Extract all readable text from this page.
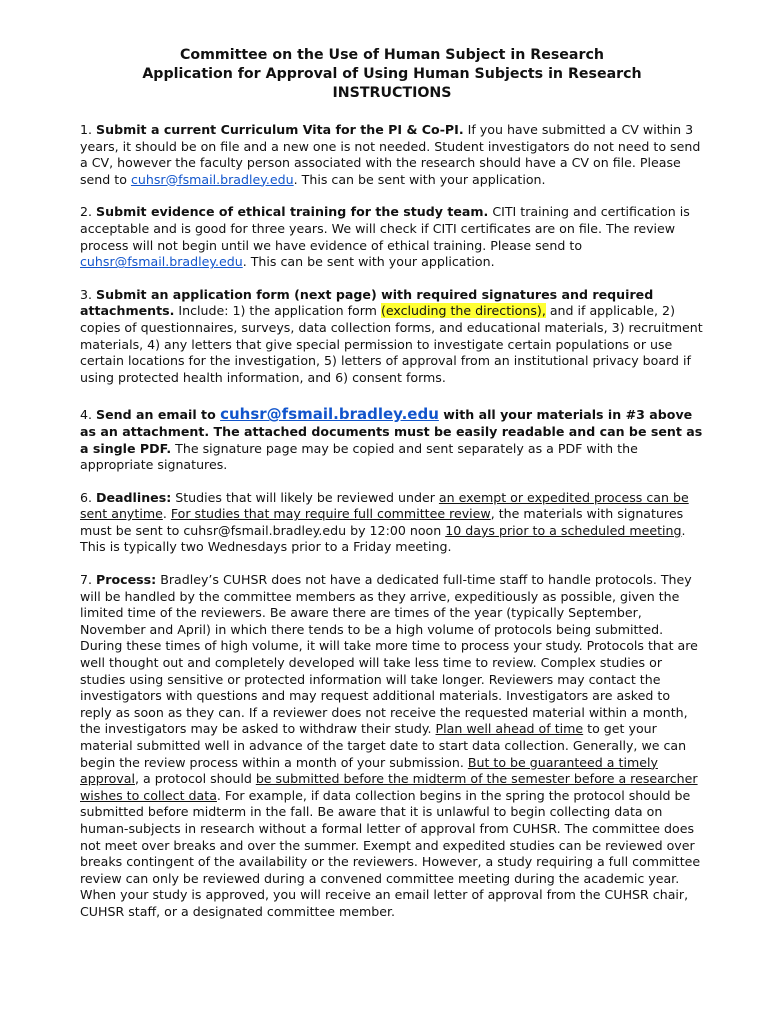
Committee on the Use of Human Subject in Research
Application for Approval of Using Human Subjects in Research
INSTRUCTIONS
1. Submit a current Curriculum Vita for the PI & Co-PI. If you have submitted a CV within 3 years, it should be on file and a new one is not needed. Student investigators do not need to send a CV, however the faculty person associated with the research should have a CV on file. Please send to cuhsr@fsmail.bradley.edu. This can be sent with your application.
2. Submit evidence of ethical training for the study team. CITI training and certification is acceptable and is good for three years. We will check if CITI certificates are on file. The review process will not begin until we have evidence of ethical training. Please send to cuhsr@fsmail.bradley.edu. This can be sent with your application.
3. Submit an application form (next page) with required signatures and required attachments. Include: 1) the application form (excluding the directions), and if applicable, 2) copies of questionnaires, surveys, data collection forms, and educational materials, 3) recruitment materials, 4) any letters that give special permission to investigate certain populations or use certain locations for the investigation, 5) letters of approval from an institutional privacy board if using protected health information, and 6) consent forms.
4. Send an email to cuhsr@fsmail.bradley.edu with all your materials in #3 above as an attachment. The attached documents must be easily readable and can be sent as a single PDF. The signature page may be copied and sent separately as a PDF with the appropriate signatures.
6. Deadlines: Studies that will likely be reviewed under an exempt or expedited process can be sent anytime. For studies that may require full committee review, the materials with signatures must be sent to cuhsr@fsmail.bradley.edu by 12:00 noon 10 days prior to a scheduled meeting. This is typically two Wednesdays prior to a Friday meeting.
7. Process: Bradley’s CUHSR does not have a dedicated full-time staff to handle protocols. They will be handled by the committee members as they arrive, expeditiously as possible, given the limited time of the reviewers. Be aware there are times of the year (typically September, November and April) in which there tends to be a high volume of protocols being submitted. During these times of high volume, it will take more time to process your study. Protocols that are well thought out and completely developed will take less time to review. Complex studies or studies using sensitive or protected information will take longer. Reviewers may contact the investigators with questions and may request additional materials. Investigators are asked to reply as soon as they can. If a reviewer does not receive the requested material within a month, the investigators may be asked to withdraw their study. Plan well ahead of time to get your material submitted well in advance of the target date to start data collection. Generally, we can begin the review process within a month of your submission. But to be guaranteed a timely approval, a protocol should be submitted before the midterm of the semester before a researcher wishes to collect data. For example, if data collection begins in the spring the protocol should be submitted before midterm in the fall. Be aware that it is unlawful to begin collecting data on human-subjects in research without a formal letter of approval from CUHSR. The committee does not meet over breaks and over the summer. Exempt and expedited studies can be reviewed over breaks contingent of the availability or the reviewers. However, a study requiring a full committee review can only be reviewed during a convened committee meeting during the academic year. When your study is approved, you will receive an email letter of approval from the CUHSR chair, CUHSR staff, or a designated committee member.
